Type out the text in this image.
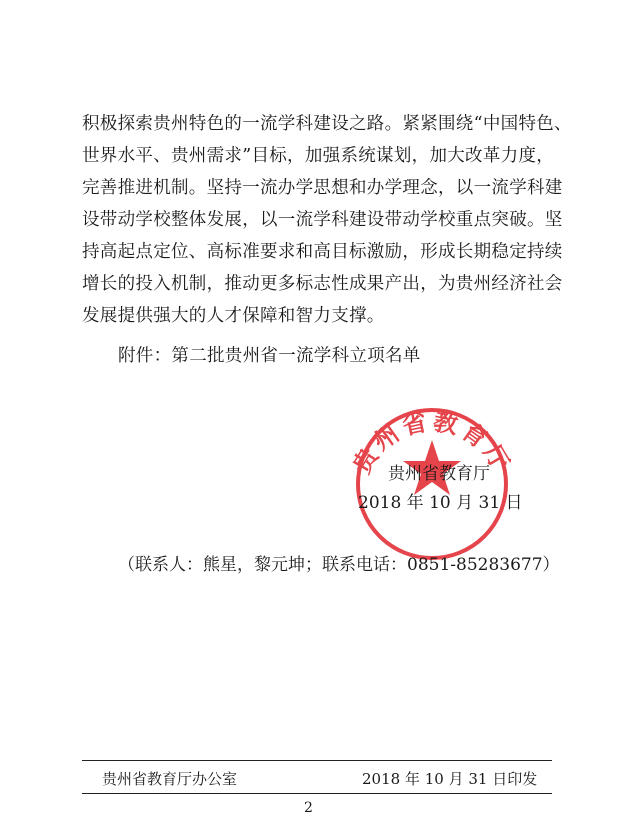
积极探索贵州特色的一流学科建设之路。紧紧围绕“中国特色、
世界水平、贵州需求”目标，加强系统谋划，加大改革力度，
完善推进机制。坚持一流办学思想和办学理念，以一流学科建
设带动学校整体发展，以一流学科建设带动学校重点突破。坚
持高起点定位、高标准要求和高目标激励，形成长期稳定持续
增长的投入机制，推动更多标志性成果产出，为贵州经济社会
发展提供强大的人才保障和智力支撑。
附件：第二批贵州省一流学科立项名单
贵州省教育厅
贵州省教育厅
2018 年 10 月 31 日
（联系人：熊星，黎元坤；联系电话：0851-85283677）
贵州省教育厅办公室	2018 年 10 月 31 日印发
2
